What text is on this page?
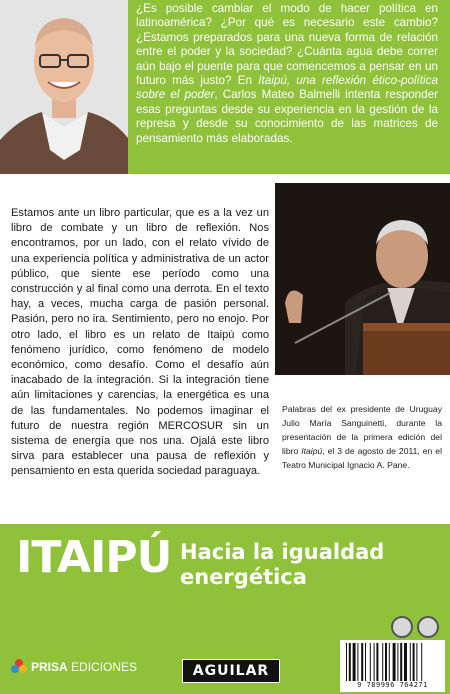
¿Es posible cambiar el modo de hacer política en latinoamérica? ¿Por qué es necesario este cambio? ¿Estamos preparados para una nueva forma de relación entre el poder y la sociedad? ¿Cuánta agua debe correr aún bajo el puente para que comencemos a pensar en un futuro más justo? En Itaipú, una reflexión ético-política sobre el poder, Carlos Mateo Balmelli intenta responder esas preguntas desde su experiencia en la gestión de la represa y desde su conocimiento de las matrices de pensamiento más elaboradas.
Estamos ante un libro particular, que es a la vez un libro de combate y un libro de reflexión. Nos encontramos, por un lado, con el relato vívido de una experiencia política y administrativa de un actor público, que siente ese período como una construcción y al final como una derrota. En el texto hay, a veces, mucha carga de pasión personal. Pasión, pero no ira. Sentimiento, pero no enojo. Por otro lado, el libro es un relato de Itaipú como fenómeno jurídico, como fenómeno de modelo económico, como desafío. Como el desafío aún inacabado de la integración. Si la integración tiene aún limitaciones y carencias, la energética es una de las fundamentales. No podemos imaginar el futuro de nuestra región MERCOSUR sin un sistema de energía que nos una. Ojalá este libro sirva para establecer una pausa de reflexión y pensamiento en esta querida sociedad paraguaya.
Palabras del ex presidente de Uruguay Julio María Sanguinetti, durante la presentación de la primera edición del libro Itaipú, el 3 de agosto de 2011, en el Teatro Municipal Ignacio A. Pane.
ITAIPÚ Hacia la igualdad
energética
PRISA EDICIONES	AGUILAR
9 789996 764271
